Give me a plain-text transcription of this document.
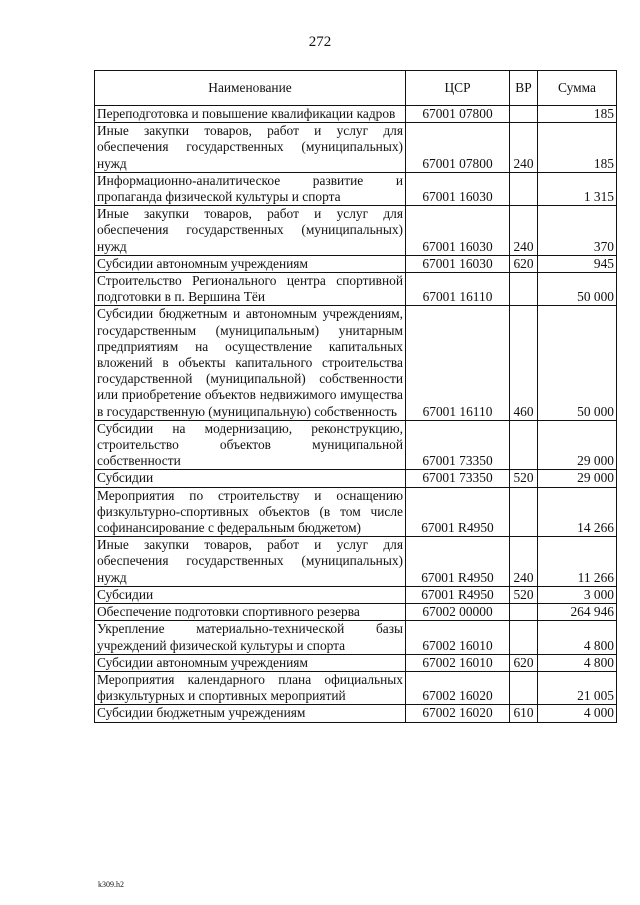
272
Наименование	ЦСР	ВР	Сумма
Переподготовка и повышение квалификации кадров	67001 07800		185
Иные закупки товаров, работ и услуг для обеспечения государственных (муниципальных) нужд	67001 07800	240	185
Информационно-аналитическое развитие и пропаганда физической культуры и спорта	67001 16030		1 315
Иные закупки товаров, работ и услуг для обеспечения государственных (муниципальных) нужд	67001 16030	240	370
Субсидии автономным учреждениям	67001 16030	620	945
Строительство Регионального центра спортивной подготовки в п. Вершина Тёи	67001 16110		50 000
Субсидии бюджетным и автономным учреждениям, государственным (муниципальным) унитарным предприятиям на осуществление капитальных вложений в объекты капитального строительства государственной (муниципальной) собственности или приобретение объектов недвижимого имущества в государственную (муниципальную) собственность	67001 16110	460	50 000
Субсидии на модернизацию, реконструкцию, строительство объектов муниципальной собственности	67001 73350		29 000
Субсидии	67001 73350	520	29 000
Мероприятия по строительству и оснащению физкультурно-спортивных объектов (в том числе софинансирование с федеральным бюджетом)	67001 R4950		14 266
Иные закупки товаров, работ и услуг для обеспечения государственных (муниципальных) нужд	67001 R4950	240	11 266
Субсидии	67001 R4950	520	3 000
Обеспечение подготовки спортивного резерва	67002 00000		264 946
Укрепление материально-технической базы учреждений физической культуры и спорта	67002 16010		4 800
Субсидии автономным учреждениям	67002 16010	620	4 800
Мероприятия календарного плана официальных физкультурных и спортивных мероприятий	67002 16020		21 005
Субсидии бюджетным учреждениям	67002 16020	610	4 000
k309.h2
